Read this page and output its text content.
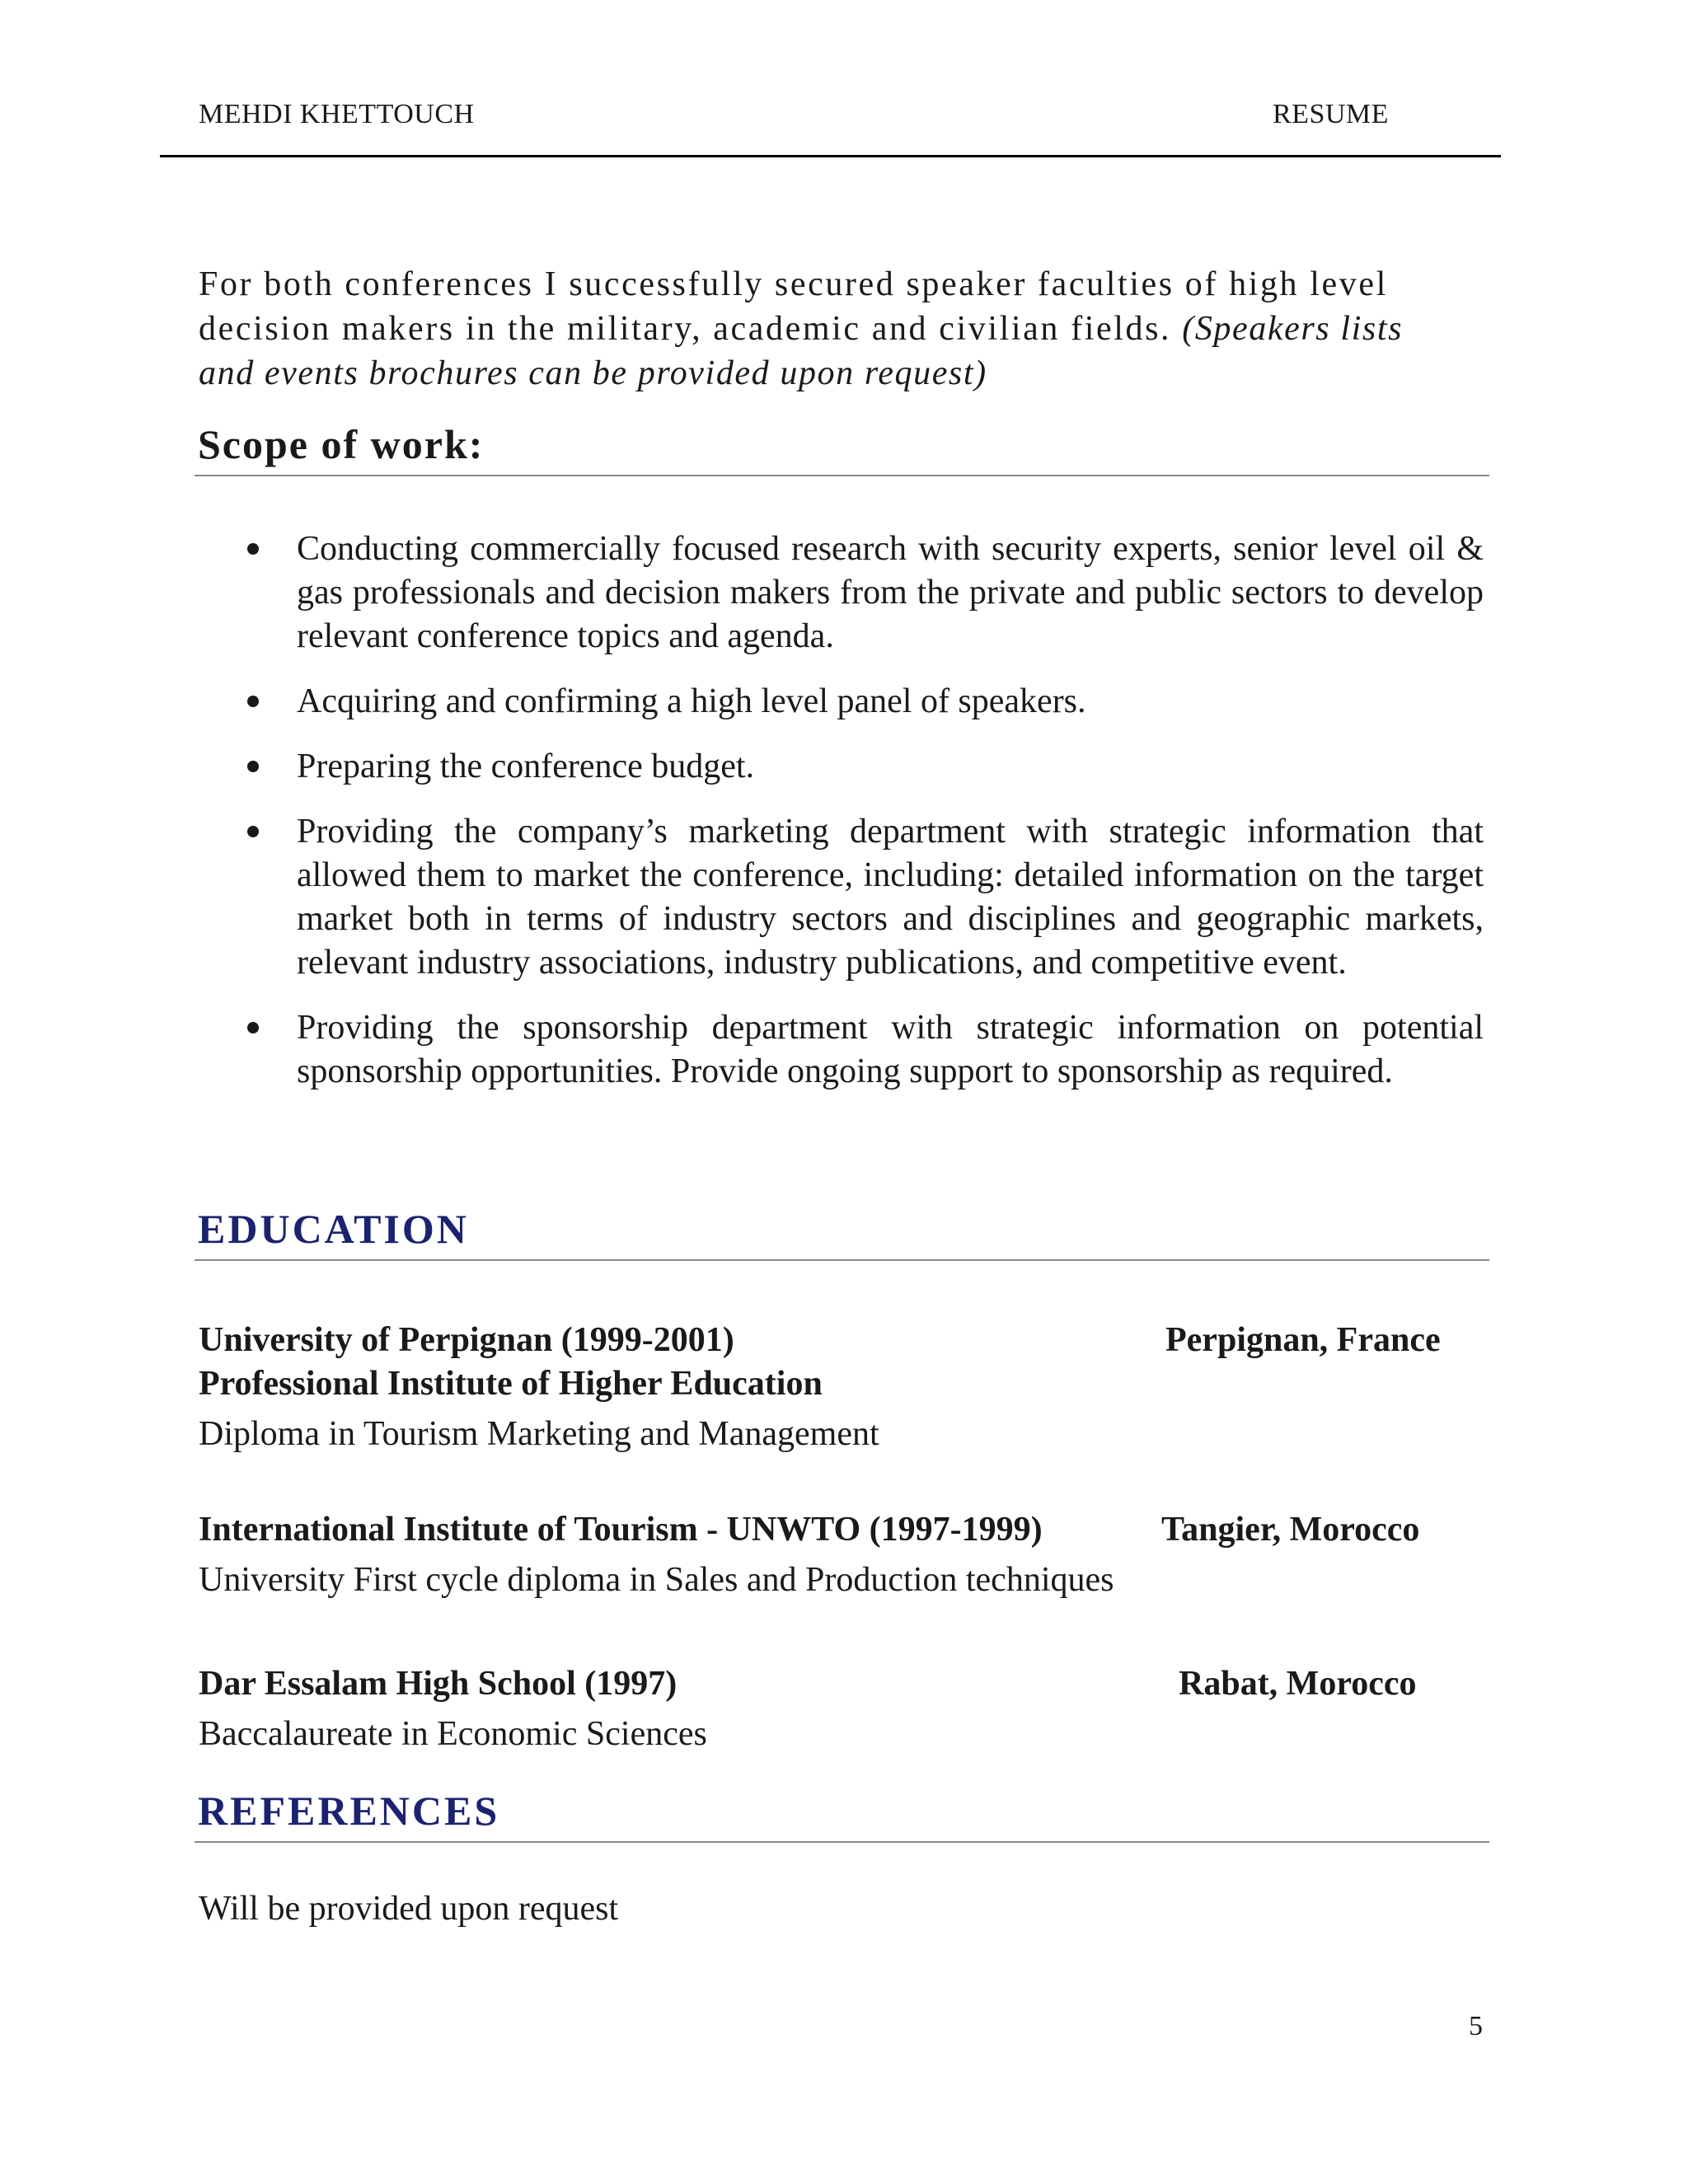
MEHDI KHETTOUCH	RESUME
For both conferences I successfully secured speaker faculties of high level
decision makers in the military, academic and civilian fields. (Speakers lists
and events brochures can be provided upon request)
Scope of work:
Conducting commercially focused research with security experts, senior level oil & gas professionals and decision makers from the private and public sectors to develop relevant conference topics and agenda.
Acquiring and confirming a high level panel of speakers.
Preparing the conference budget.
Providing the company’s marketing department with strategic information that allowed them to market the conference, including: detailed information on the target market both in terms of industry sectors and disciplines and geographic markets, relevant industry associations, industry publications, and competitive event.
Providing the sponsorship department with strategic information on potential sponsorship opportunities. Provide ongoing support to sponsorship as required.
EDUCATION
University of Perpignan (1999-2001)	Perpignan, France
Professional Institute of Higher Education
Diploma in Tourism Marketing and Management
International Institute of Tourism - UNWTO (1997-1999)	Tangier, Morocco
University First cycle diploma in Sales and Production techniques
Dar Essalam High School (1997)	Rabat, Morocco
Baccalaureate in Economic Sciences
REFERENCES
Will be provided upon request
5
